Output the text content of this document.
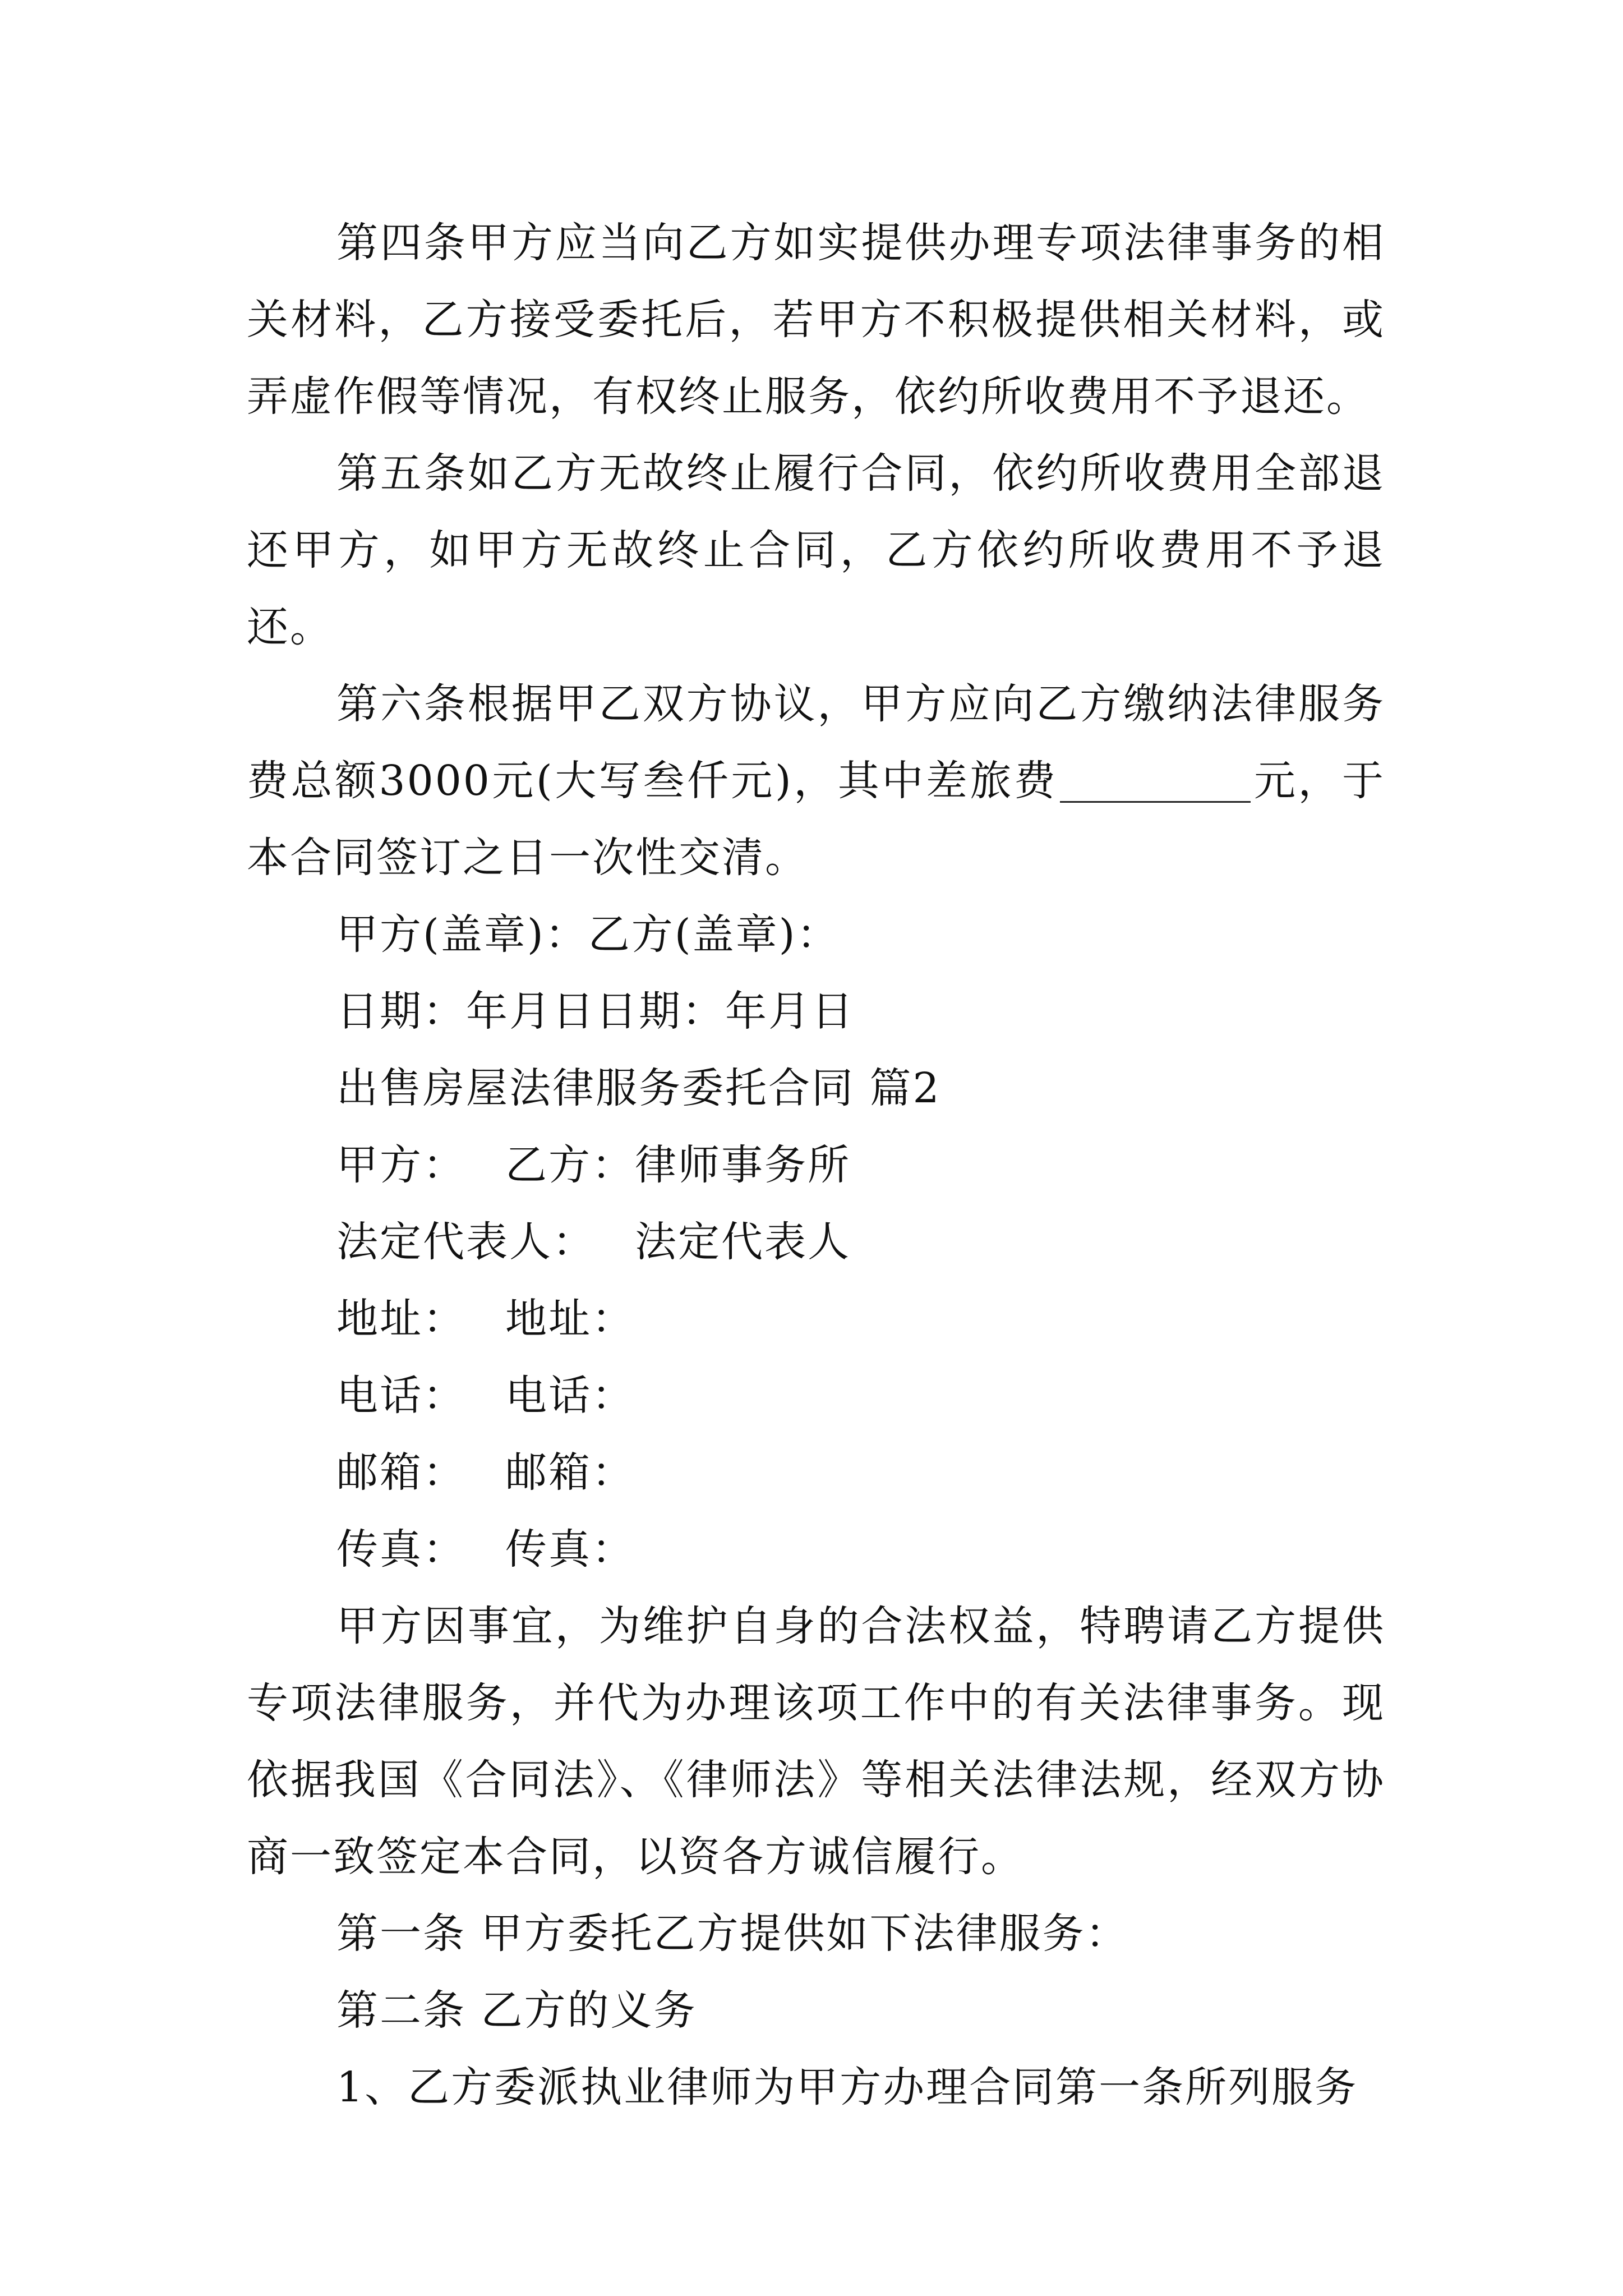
第四条甲方应当向乙方如实提供办理专项法律事务的相关材料，乙方接受委托后，若甲方不积极提供相关材料，或弄虚作假等情况，有权终止服务，依约所收费用不予退还。

第五条如乙方无故终止履行合同，依约所收费用全部退还甲方，如甲方无故终止合同，乙方依约所收费用不予退还。

第六条根据甲乙双方协议，甲方应向乙方缴纳法律服务费总额3000元(大写叁仟元)，其中差旅费	元，于本合同签订之日一次性交清。

甲方(盖章)：乙方(盖章)：

日期：年月日日期：年月日

出售房屋法律服务委托合同 篇2

甲方： 乙方：律师事务所

法定代表人： 法定代表人

地址： 地址：

电话： 电话：

邮箱： 邮箱：

传真： 传真：

甲方因事宜，为维护自身的合法权益，特聘请乙方提供专项法律服务，并代为办理该项工作中的有关法律事务。现依据我国《合同法》、《律师法》等相关法律法规，经双方协商一致签定本合同，以资各方诚信履行。

第一条 甲方委托乙方提供如下法律服务：

第二条 乙方的义务

1、乙方委派执业律师为甲方办理合同第一条所列服务
